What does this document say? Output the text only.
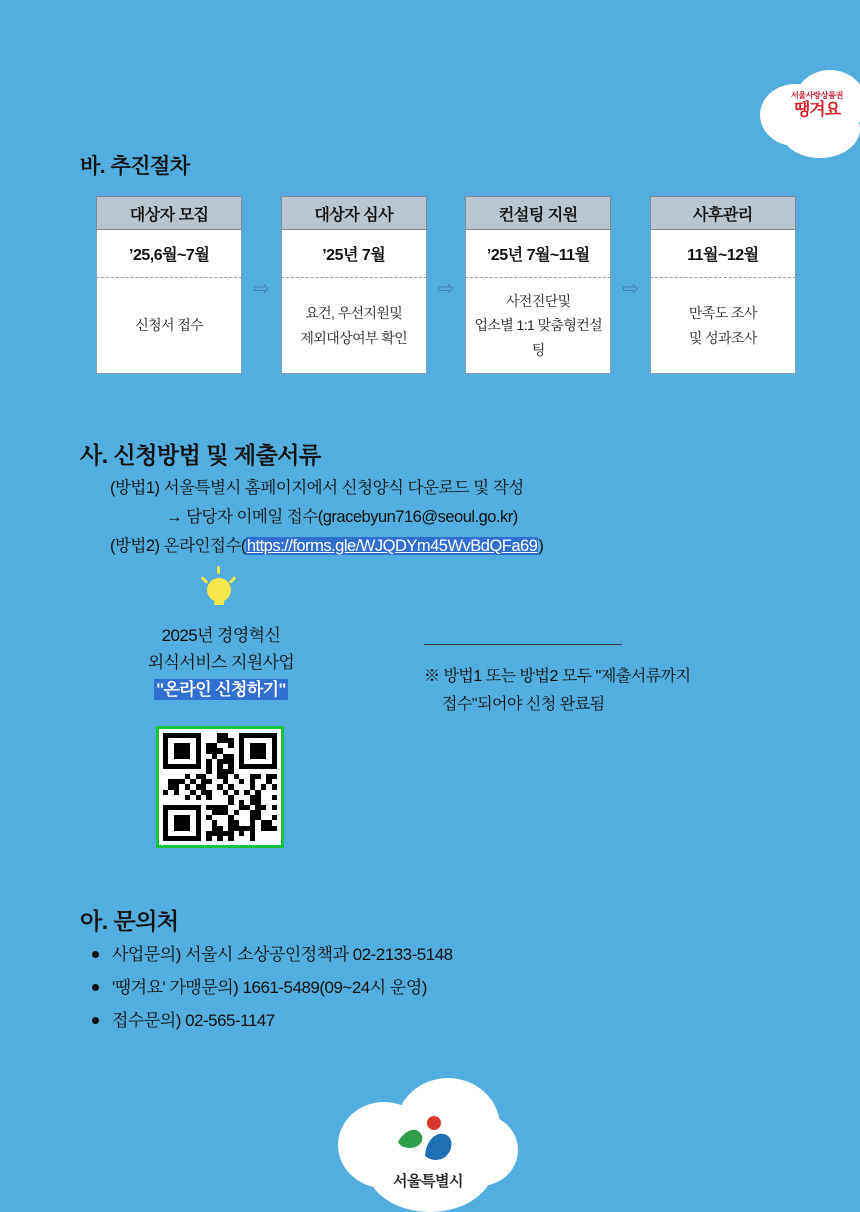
서울사랑상품권
땡겨요
바. 추진절차
대상자 모집
’25,6월~7월
신청서 접수
⇨
대상자 심사
’25년 7월
요건, 우선지원및
제외대상여부 확인
⇨
컨설팅 지원
’25년 7월~11월
사전진단및
업소별 1:1 맞춤형컨설팅
⇨
사후관리
11월~12월
만족도 조사
및 성과조사
사. 신청방법 및 제출서류
(방법1) 서울특별시 홈페이지에서 신청양식 다운로드 및 작성
→ 담당자 이메일 접수(gracebyun716@seoul.go.kr)
(방법2) 온라인접수(https://forms.gle/WJQDYm45WvBdQFa69)
2025년 경영혁신
외식서비스 지원사업
"온라인 신청하기"
※ 방법1 또는 방법2 모두 "제출서류까지
접수"되어야 신청 완료됨
아. 문의처
사업문의) 서울시 소상공인정책과 02-2133-5148
'땡겨요' 가맹문의) 1661-5489(09~24시 운영)
접수문의) 02-565-1147
서울특별시
